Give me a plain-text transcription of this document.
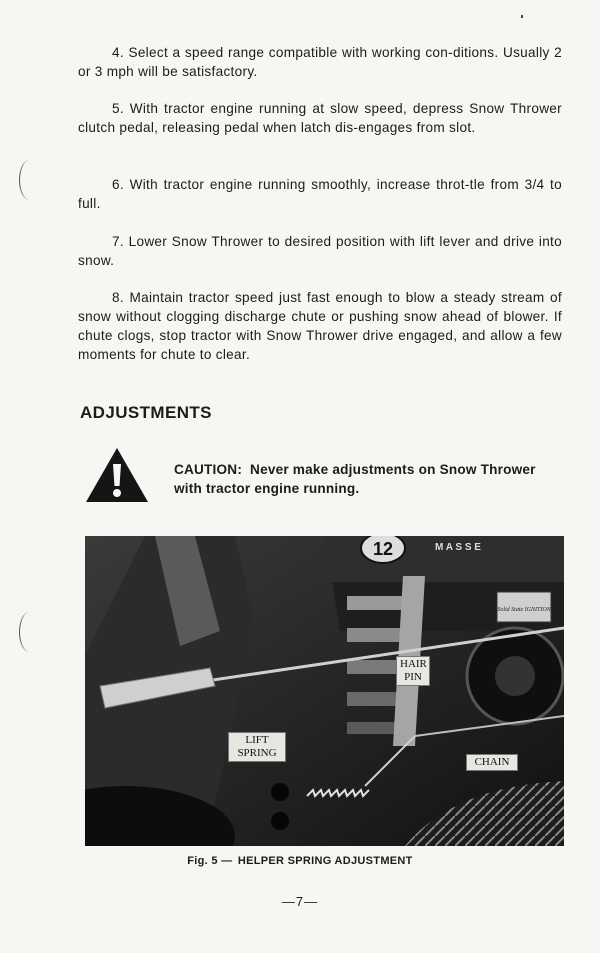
4. Select a speed range compatible with working con-ditions. Usually 2 or 3 mph will be satisfactory.
5. With tractor engine running at slow speed, depress Snow Thrower clutch pedal, releasing pedal when latch dis-engages from slot.
6. With tractor engine running smoothly, increase throt-tle from 3/4 to full.
7. Lower Snow Thrower to desired position with lift lever and drive into snow.
8. Maintain tractor speed just fast enough to blow a steady stream of snow without clogging discharge chute or pushing snow ahead of blower. If chute clogs, stop tractor with Snow Thrower drive engaged, and allow a few moments for chute to clear.
ADJUSTMENTS
CAUTION: Never make adjustments on Snow Thrower with tractor engine running.
12	M A S S E
Solid State IGNITION
HAIR PIN
LIFT SPRING
CHAIN
Fig. 5 — HELPER SPRING ADJUSTMENT
—7—
